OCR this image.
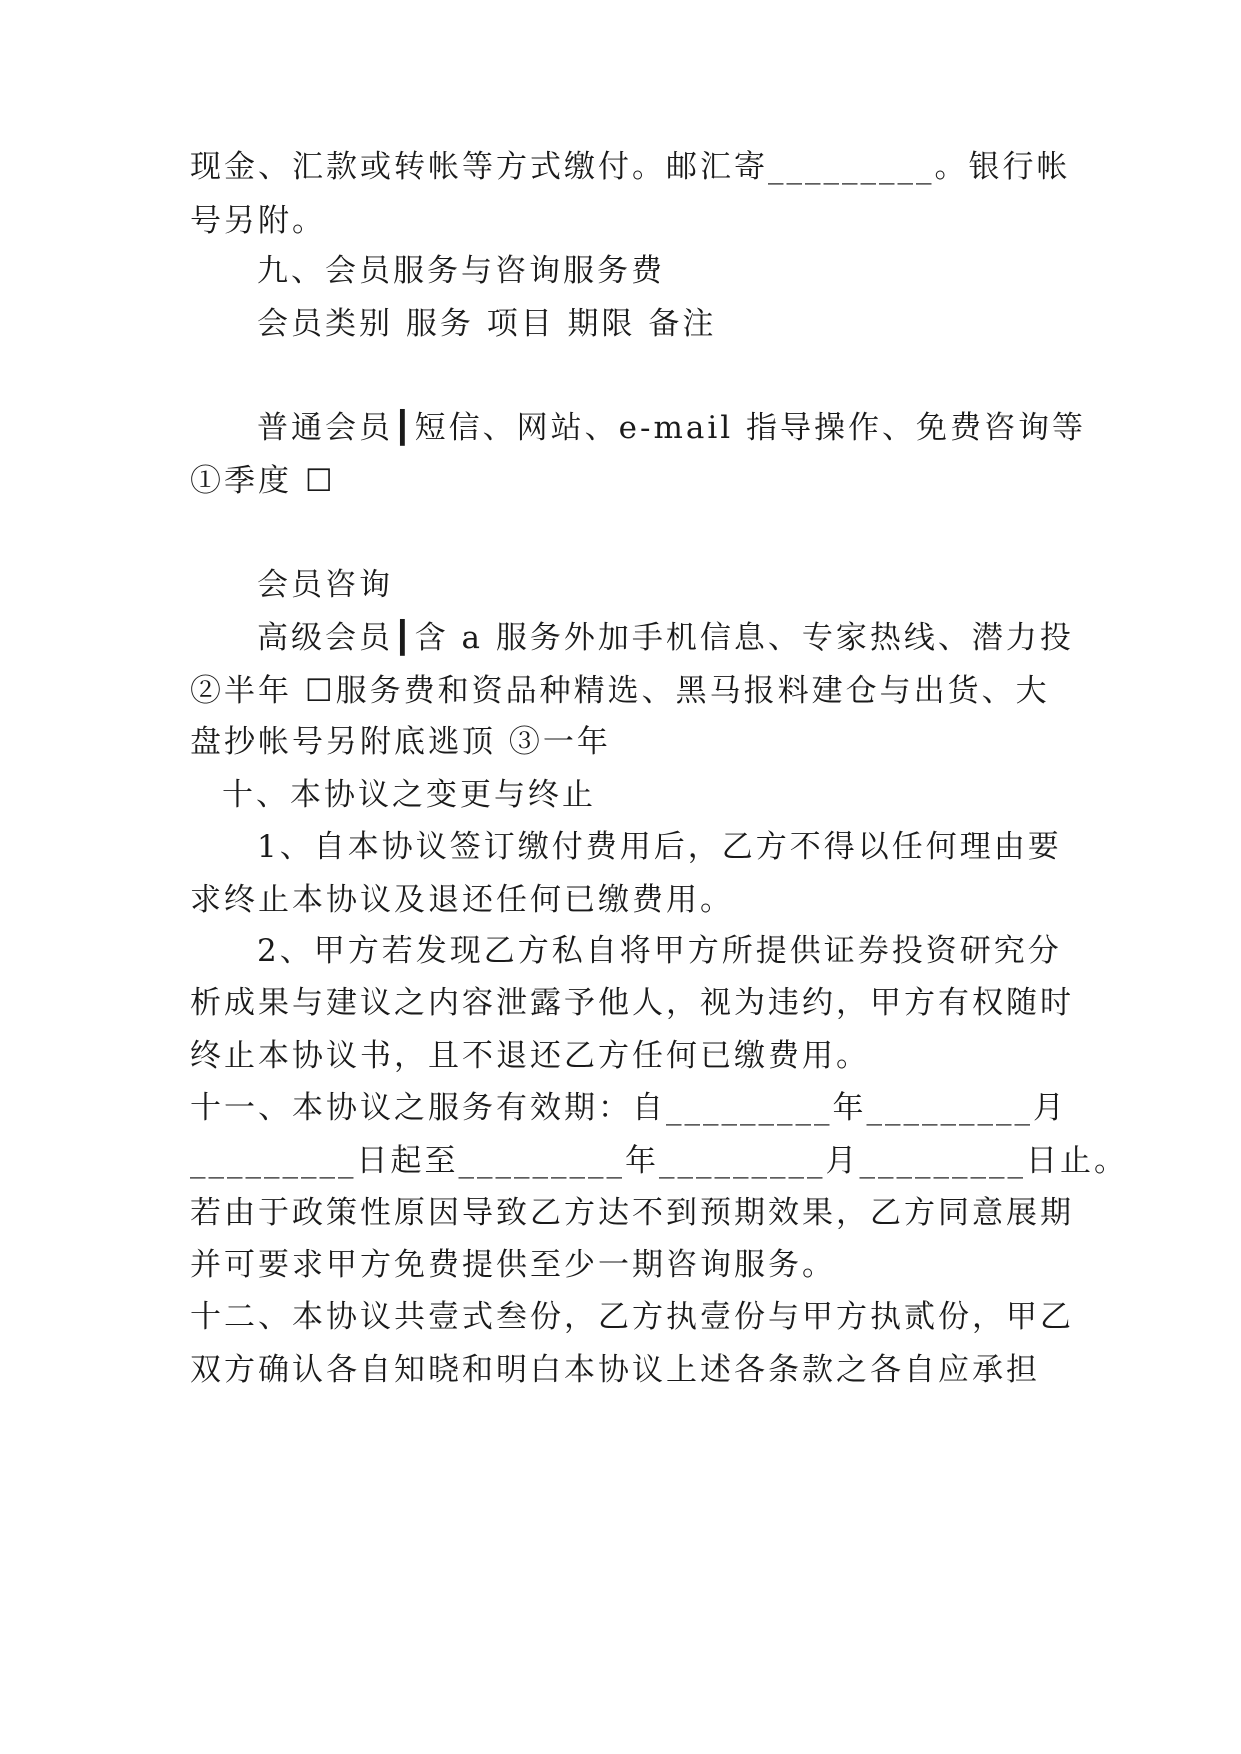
现金、汇款或转帐等方式缴付。邮汇寄_________。银行帐
号另附。
九、会员服务与咨询服务费
会员类别 服务 项目 期限 备注
普通会员┃短信、网站、e-mail 指导操作、免费咨询等
①季度 ☐
会员咨询
高级会员┃含 a 服务外加手机信息、专家热线、潜力投
②半年 ☐服务费和资品种精选、黑马报料建仓与出货、大
盘抄帐号另附底逃顶 ③一年
十、本协议之变更与终止
1、自本协议签订缴付费用后，乙方不得以任何理由要
求终止本协议及退还任何已缴费用。
2、甲方若发现乙方私自将甲方所提供证券投资研究分
析成果与建议之内容泄露予他人，视为违约，甲方有权随时
终止本协议书，且不退还乙方任何已缴费用。
十一、本协议之服务有效期：自_________年_________月
_________日起至_________年_________月_________日止。
若由于政策性原因导致乙方达不到预期效果，乙方同意展期
并可要求甲方免费提供至少一期咨询服务。
十二、本协议共壹式叁份，乙方执壹份与甲方执贰份，甲乙
双方确认各自知晓和明白本协议上述各条款之各自应承担
